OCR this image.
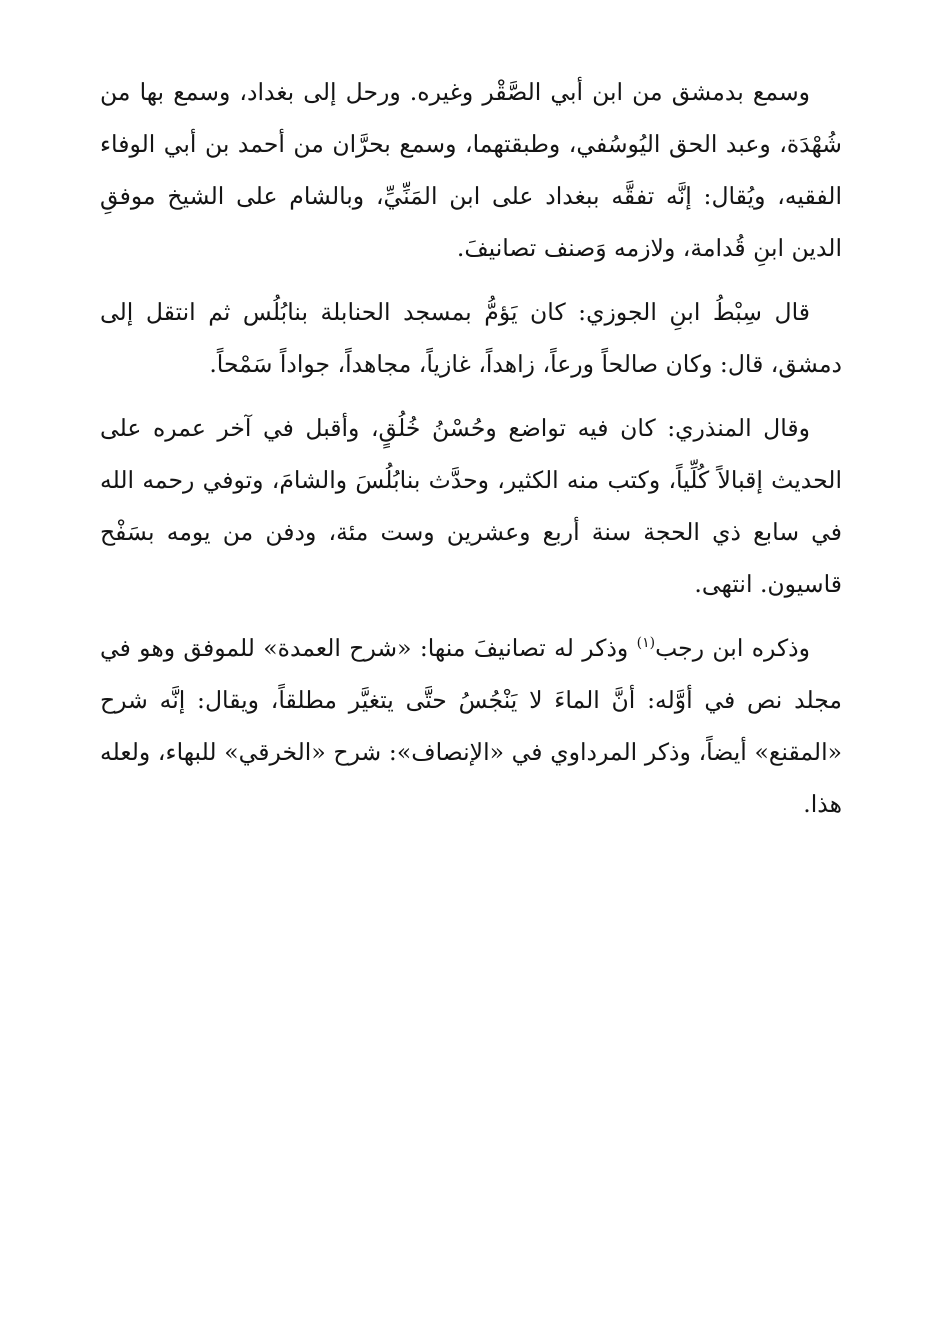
وسمع بدمشق من ابن أبي الصَّقْر وغيره. ورحل إلى بغداد، وسمع بها من شُهْدَة، وعبد الحق اليُوسُفي، وطبقتهما، وسمع بحرَّان من أحمد بن أبي الوفاء الفقيه، ويُقال: إنَّه تفقَّه ببغداد على ابن المَنِّيِّ، وبالشام على الشيخ موفقِ الدين ابنِ قُدامة، ولازمه وَصنف تصانيفَ.

قال سِبْطُ ابنِ الجوزي: كان يَؤمُّ بمسجد الحنابلة بنابُلُس ثم انتقل إلى دمشق، قال: وكان صالحاً ورعاً، زاهداً، غازياً، مجاهداً، جواداً سَمْحاً.

وقال المنذري: كان فيه تواضع وحُسْنُ خُلُقٍ، وأقبل في آخر عمره على الحديث إقبالاً كُلِّياً، وكتب منه الكثير، وحدَّث بنابُلُسَ والشامَ، وتوفي رحمه الله في سابع ذي الحجة سنة أربع وعشرين وست مئة، ودفن من يومه بسَفْح قاسيون. انتهى.

وذكره ابن رجب$^{(١)}$ وذكر له تصانيفَ منها: «شرح العمدة» للموفق وهو في مجلد نص في أوَّله: أنَّ الماءَ لا يَنْجُسُ حتَّى يتغيَّر مطلقاً، ويقال: إنَّه شرح «المقنع» أيضاً، وذكر المرداوي في «الإنصاف»: شرح «الخرقي» للبهاء، ولعله هذا.
